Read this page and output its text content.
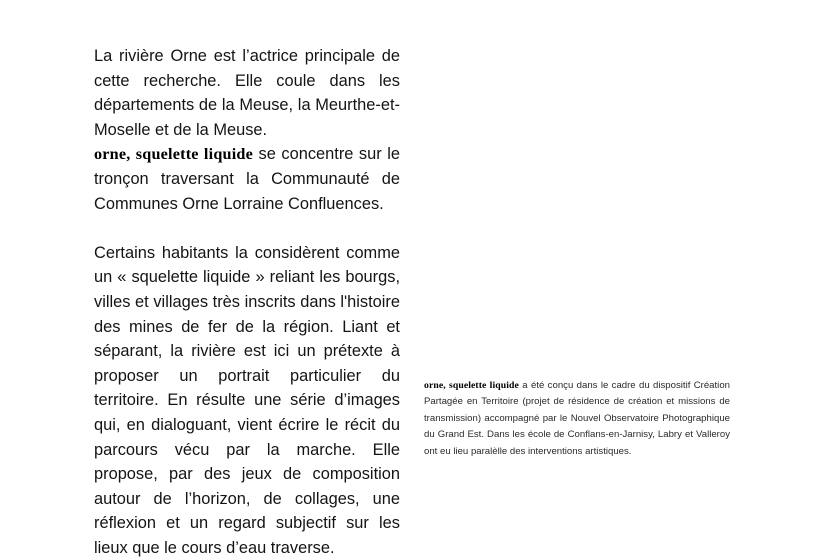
La rivière Orne est l’actrice principale de cette recherche. Elle coule dans les départements de la Meuse, la Meurthe-et-Moselle et de la Meuse.
orne, squelette liquide se concentre sur le tronçon traversant la Communauté de Communes Orne Lorraine Confluences.

Certains habitants la considèrent comme un « squelette liquide » reliant les bourgs, villes et villages très inscrits dans l'histoire des mines de fer de la région. Liant et séparant, la rivière est ici un prétexte à proposer un portrait particulier du territoire. En résulte une série d’images qui, en dialoguant, vient écrire le récit du parcours vécu par la marche. Elle propose, par des jeux de composition autour de l’horizon, de collages, une réflexion et un regard subjectif sur les lieux que le cours d’eau traverse.

orne, squelette liquide a été conçu dans le cadre du dispositif Création Partagée en Territoire (projet de résidence de création et missions de transmission) accompagné par le Nouvel Observatoire Photographique du Grand Est. Dans les école de Conflans-en-Jarnisy, Labry et Valleroy ont eu lieu paralèlle des interventions artistiques.
